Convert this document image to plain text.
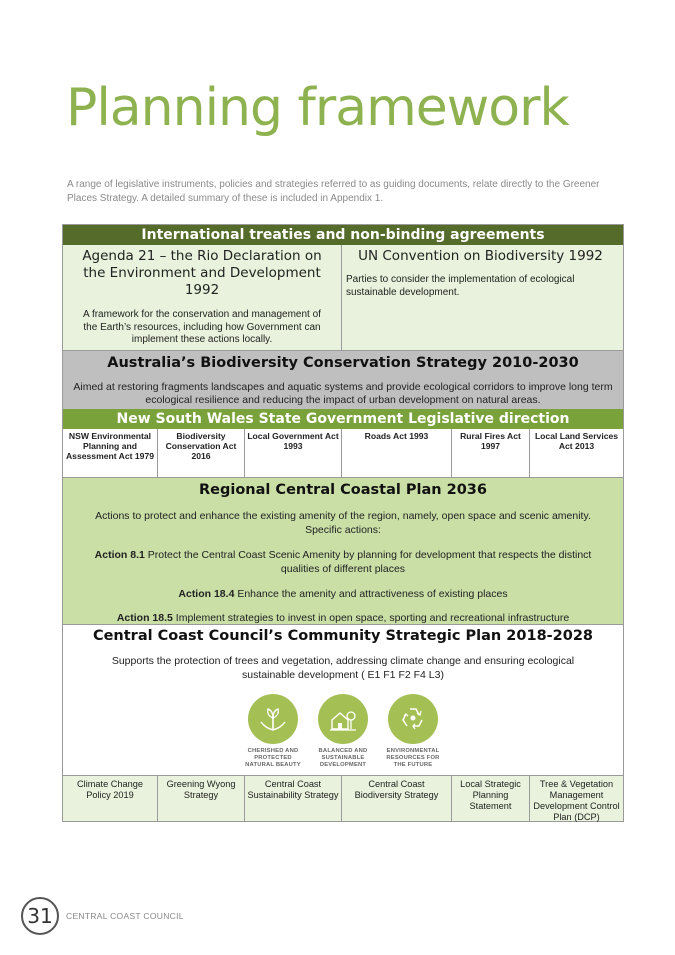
Planning framework

A range of legislative instruments, policies and strategies referred to as guiding documents, relate directly to the Greener Places Strategy. A detailed summary of these is included in Appendix 1.

International treaties and non-binding agreements
Agenda 21 – the Rio Declaration on the Environment and Development 1992
A framework for the conservation and management of the Earth’s resources, including how Government can implement these actions locally.
UN Convention on Biodiversity 1992
Parties to consider the implementation of ecological sustainable development.
Australia’s Biodiversity Conservation Strategy 2010-2030
Aimed at restoring fragments landscapes and aquatic systems and provide ecological corridors to improve long term ecological resilience and reducing the impact of urban development on natural areas.
New South Wales State Government Legislative direction
NSW Environmental Planning and Assessment Act 1979
Biodiversity Conservation Act 2016
Local Government Act 1993
Roads Act 1993	Rural Fires Act 1997
Local Land Services Act 2013
Regional Central Coastal Plan 2036
Actions to protect and enhance the existing amenity of the region, namely, open space and scenic amenity. Specific actions:
Action 8.1 Protect the Central Coast Scenic Amenity by planning for development that respects the distinct qualities of different places
Action 18.4 Enhance the amenity and attractiveness of existing places
Action 18.5 Implement strategies to invest in open space, sporting and recreational infrastructure
Central Coast Council’s Community Strategic Plan 2018-2028
Supports the protection of trees and vegetation, addressing climate change and ensuring ecological sustainable development ( E1 F1 F2 F4 L3)
CHERISHED AND PROTECTED NATURAL BEAUTY
BALANCED AND SUSTAINABLE DEVELOPMENT
ENVIRONMENTAL RESOURCES FOR THE FUTURE
Climate Change Policy 2019
Greening Wyong Strategy
Central Coast Sustainability Strategy
Central Coast Biodiversity Strategy
Local Strategic Planning Statement
Tree & Vegetation Management Development Control Plan (DCP)
31	CENTRAL COAST COUNCIL
